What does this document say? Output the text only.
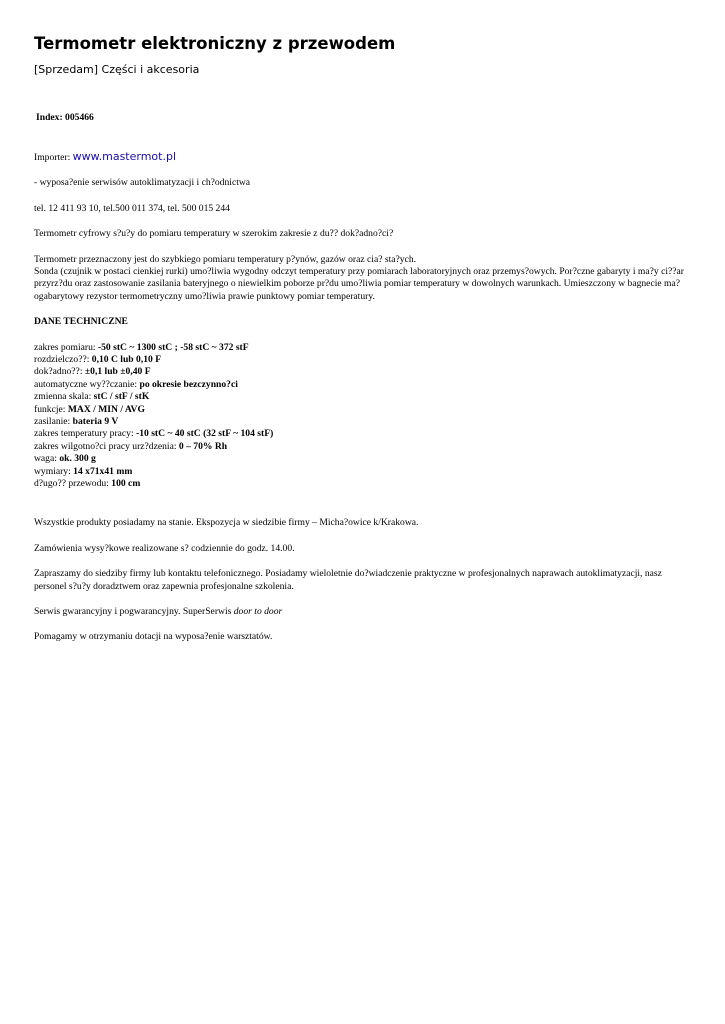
Termometr elektroniczny z przewodem
[Sprzedam] Części i akcesoria

Index: 005466

Importer: www.mastermot.pl

- wyposa?enie serwisów autoklimatyzacji i ch?odnictwa

tel. 12 411 93 10, tel.500 011 374, tel. 500 015 244

Termometr cyfrowy s?u?y do pomiaru temperatury w szerokim zakresie z du?? dok?adno?ci?

Termometr przeznaczony jest do szybkiego pomiaru temperatury p?ynów, gazów oraz cia? sta?ych.

Sonda (czujnik w postaci cienkiej rurki) umo?liwia wygodny odczyt temperatury przy pomiarach laboratoryjnych oraz przemys?owych. Por?czne gabaryty i ma?y ci??ar przyrz?du oraz zastosowanie zasilania bateryjnego o niewielkim poborze pr?du umo?liwia pomiar temperatury w dowolnych warunkach. Umieszczony w bagnecie ma?ogabarytowy rezystor termometryczny umo?liwia prawie punktowy pomiar temperatury.

DANE TECHNICZNE

zakres pomiaru: -50 stC ~ 1300 stC ; -58 stC ~ 372 stF

rozdzielczo??: 0,10 C lub 0,10 F

dok?adno??: ±0,1 lub ±0,40 F

automatyczne wy??czanie: po okresie bezczynno?ci

zmienna skala: stC / stF / stK

funkcje: MAX / MIN / AVG

zasilanie: bateria 9 V

zakres temperatury pracy: -10 stC ~ 40 stC (32 stF ~ 104 stF)

zakres wilgotno?ci pracy urz?dzenia: 0 – 70% Rh

waga: ok. 300 g

wymiary: 14 x71x41 mm

d?ugo?? przewodu: 100 cm

Wszystkie produkty posiadamy na stanie. Ekspozycja w siedzibie firmy – Micha?owice k/Krakowa.

Zamówienia wysy?kowe realizowane s? codziennie do godz. 14.00.

Zapraszamy do siedziby firmy lub kontaktu telefonicznego. Posiadamy wieloletnie do?wiadczenie praktyczne w profesjonalnych naprawach autoklimatyzacji, nasz personel s?u?y doradztwem oraz zapewnia profesjonalne szkolenia.

Serwis gwarancyjny i pogwarancyjny. SuperSerwis door to door

Pomagamy w otrzymaniu dotacji na wyposa?enie warsztatów.
